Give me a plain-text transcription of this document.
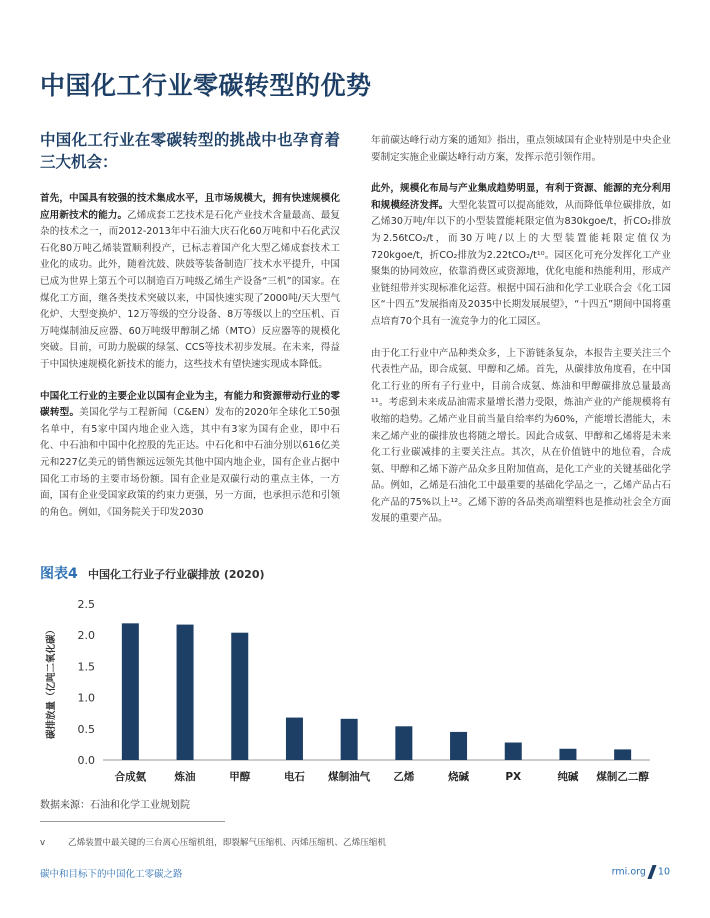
中国化工行业零碳转型的优势
中国化工行业在零碳转型的挑战中也孕育着三大机会：

首先，中国具有较强的技术集成水平，且市场规模大，拥有快速规模化应用新技术的能力。乙烯成套工艺技术是石化产业技术含量最高、最复杂的技术之一，而2012-2013年中石油大庆石化60万吨和中石化武汉石化80万吨乙烯装置顺利投产，已标志着国产化大型乙烯成套技术工业化的成功。此外，随着沈鼓、陕鼓等装备制造厂技术水平提升，中国已成为世界上第五个可以制造百万吨级乙烯生产设备“三机”的国家。在煤化工方面，继各类技术突破以来，中国快速实现了2000吨/天大型气化炉、大型变换炉、12万等级的空分设备、8万等级以上的空压机、百万吨煤制油反应器、60万吨级甲醇制乙烯（MTO）反应器等的规模化突破。目前，可助力脱碳的绿氢、CCS等技术初步发展。在未来，得益于中国快速规模化新技术的能力，这些技术有望快速实现成本降低。

中国化工行业的主要企业以国有企业为主，有能力和资源带动行业的零碳转型。美国化学与工程新闻（C&EN）发布的2020年全球化工50强名单中，有5家中国内地企业入选，其中有3家为国有企业，即中石化、中石油和中国中化控股的先正达。中石化和中石油分别以616亿美元和227亿美元的销售额远远领先其他中国内地企业，国有企业占据中国化工市场的主要市场份额。国有企业是双碳行动的重点主体，一方面，国有企业受国家政策的约束力更强，另一方面，也承担示范和引领的角色。例如，《国务院关于印发2030

年前碳达峰行动方案的通知》指出，重点领域国有企业特别是中央企业要制定实施企业碳达峰行动方案，发挥示范引领作用。

此外，规模化布局与产业集成趋势明显，有利于资源、能源的充分利用和规模经济发挥。大型化装置可以提高能效，从而降低单位碳排放，如乙烯30万吨/年以下的小型装置能耗限定值为830kgoe/t，折CO₂排放为2.56tCO₂/t，而30万吨/以上的大型装置能耗限定值仅为720kgoe/t，折CO₂排放为2.22tCO₂/t¹⁰。园区化可充分发挥化工产业聚集的协同效应，依靠消费区或资源地，优化电能和热能利用，形成产业链纽带并实现标准化运营。根据中国石油和化学工业联合会《化工园区“十四五”发展指南及2035中长期发展展望》，“十四五”期间中国将重点培育70个具有一流竞争力的化工园区。

由于化工行业中产品种类众多，上下游链条复杂，本报告主要关注三个代表性产品，即合成氨、甲醇和乙烯。首先，从碳排放角度看，在中国化工行业的所有子行业中，目前合成氨、炼油和甲醇碳排放总量最高¹¹。考虑到未来成品油需求量增长潜力受限，炼油产业的产能规模将有收缩的趋势。乙烯产业目前当量自给率约为60%，产能增长潜能大，未来乙烯产业的碳排放也将随之增长。因此合成氨、甲醇和乙烯将是未来化工行业碳减排的主要关注点。其次，从在价值链中的地位看，合成氨、甲醇和乙烯下游产品众多且附加值高，是化工产业的关键基础化学品。例如，乙烯是石油化工中最重要的基础化学品之一，乙烯产品占石化产品的75%以上¹²。乙烯下游的各品类高端塑料也是推动社会全方面发展的重要产品。

图表4 中国化工行业子行业碳排放 (2020)
碳排放量（亿吨二氧化碳）
0.0
0.5
1.0
1.5
2.0
2.5
合成氨	炼油	甲醇	电石 煤制油气 乙烯	烧碱	PX	纯碱 煤制乙二醇
数据来源：石油和化学工业规划院
v	乙烯装置中最关键的三台离心压缩机组，即裂解气压缩机、丙烯压缩机、乙烯压缩机
碳中和目标下的中国化工零碳之路	rmi.org 10
